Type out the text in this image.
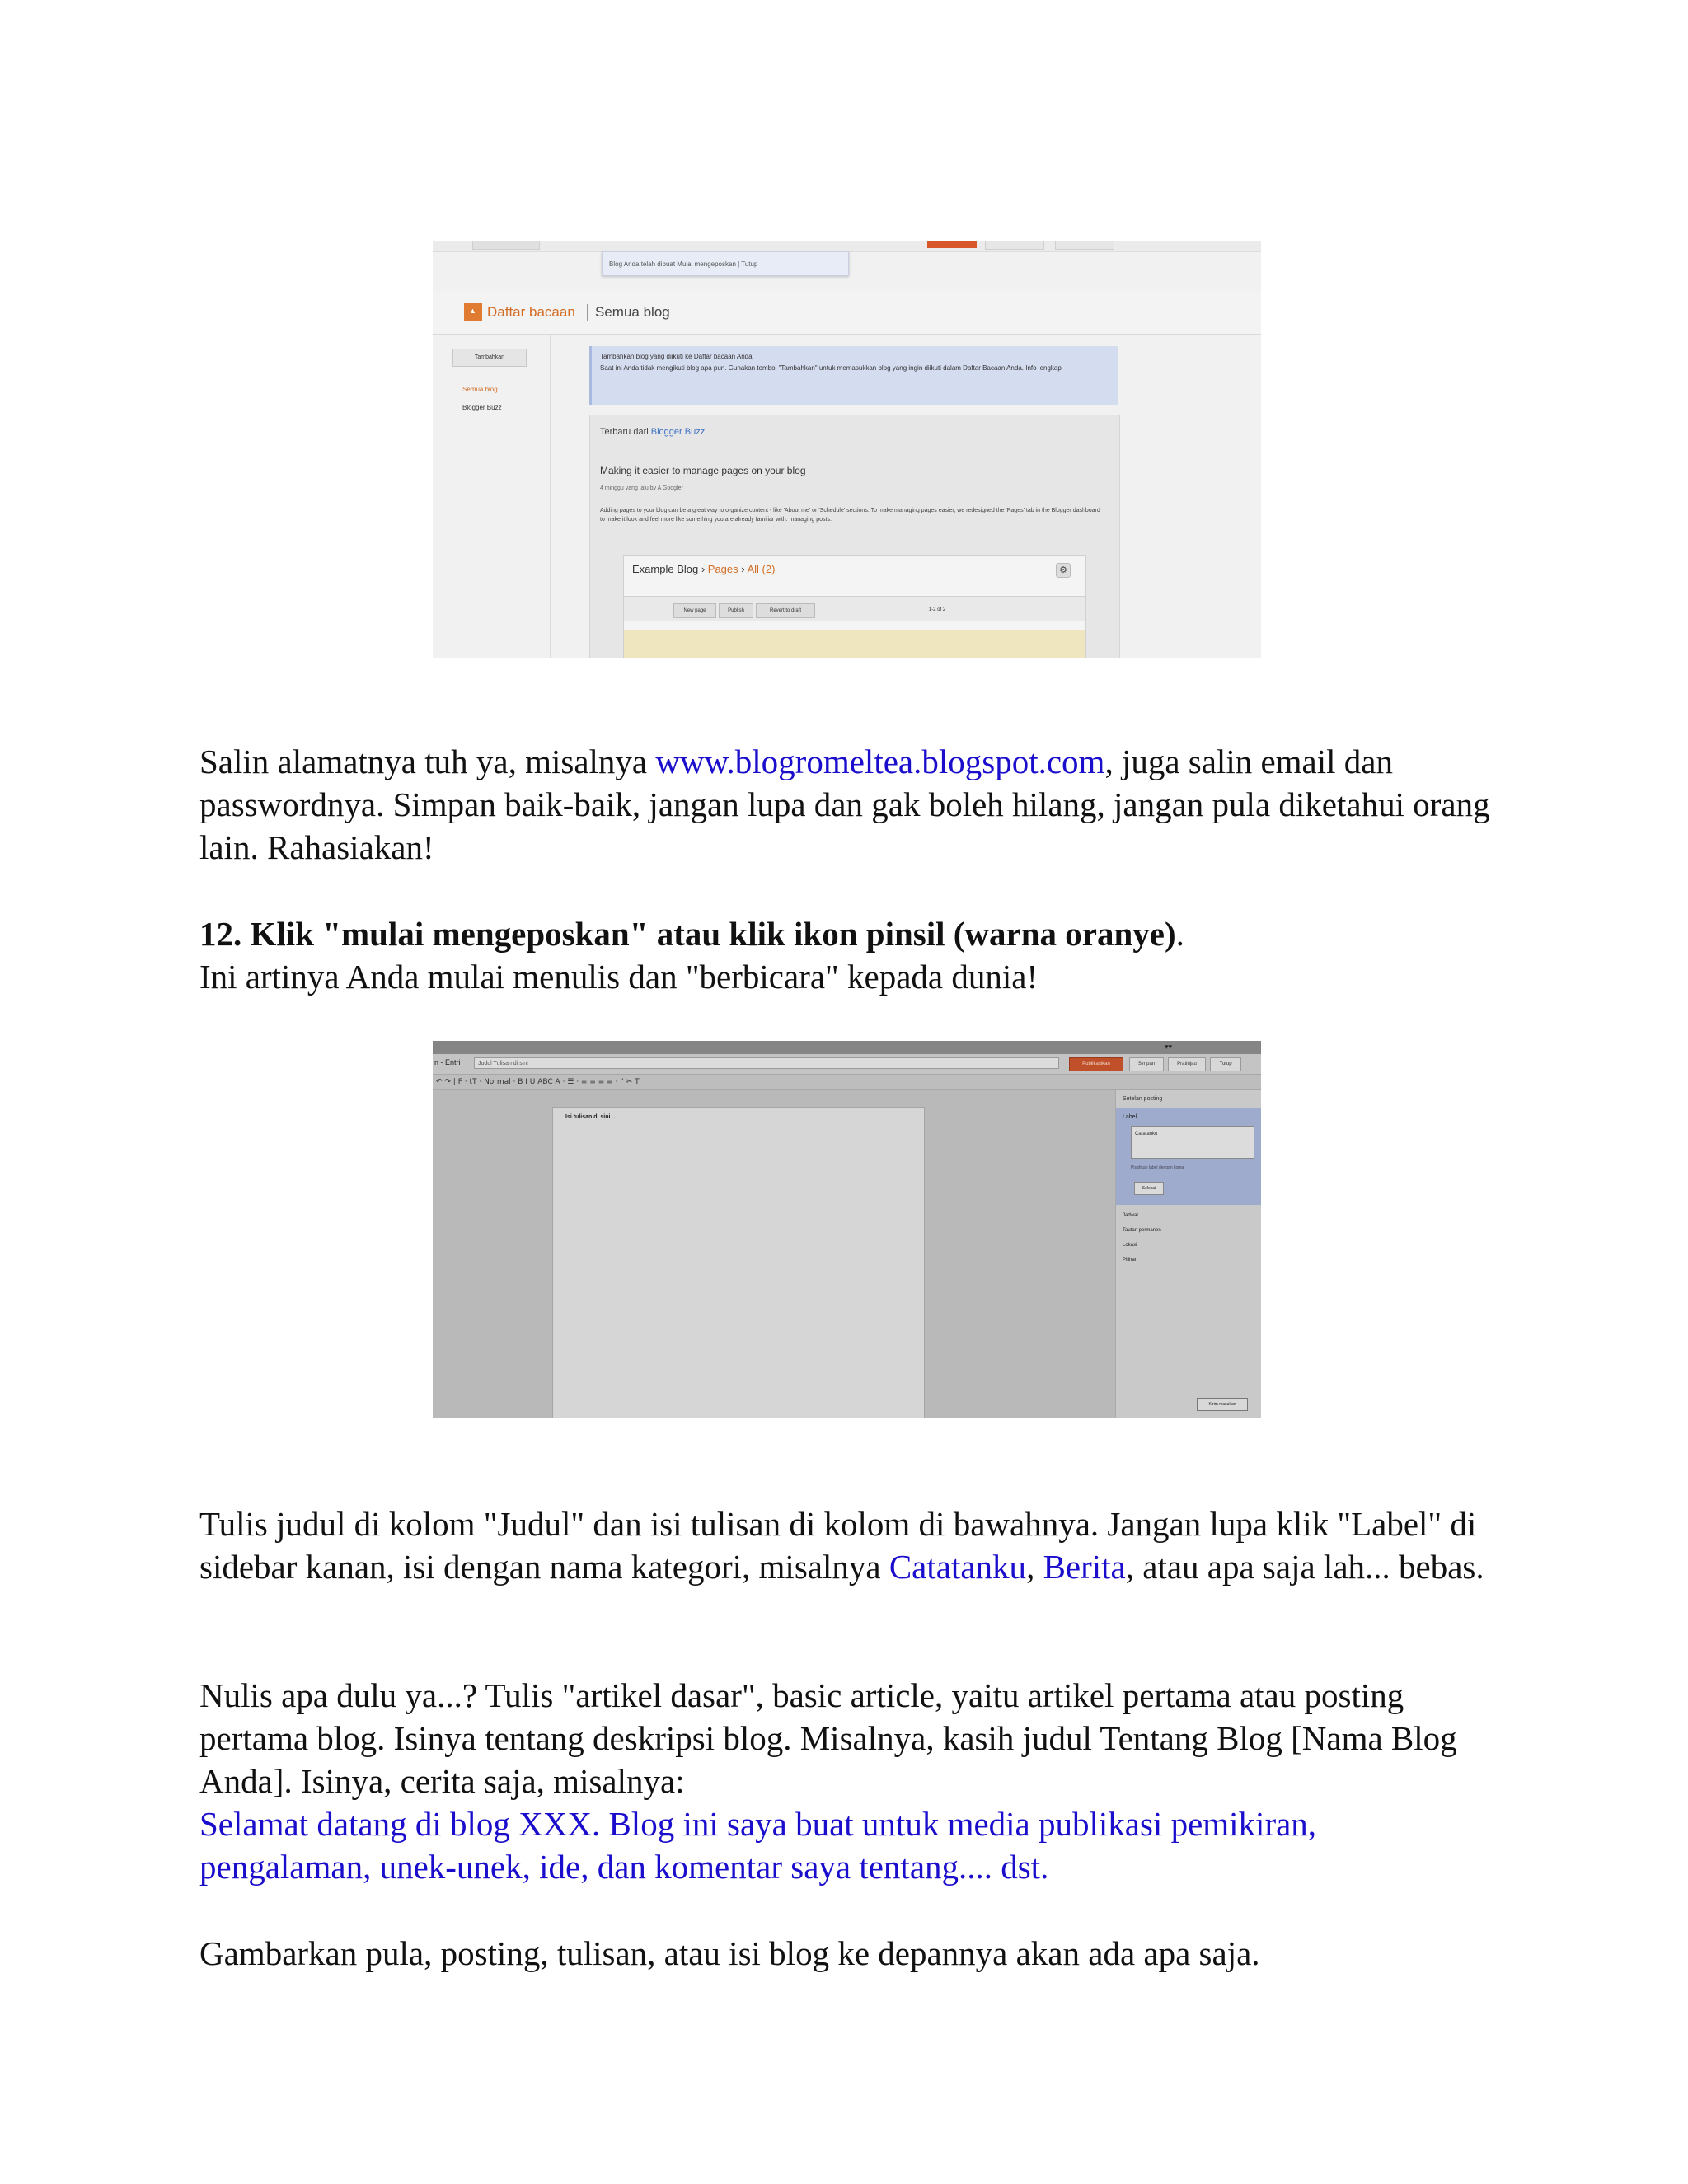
Blog Anda telah dibuat Mulai mengeposkan | Tutup
▲
Daftar bacaan Semua blog
Tambahkan
Semua blog
Blogger Buzz
Tambahkan blog yang diikuti ke Daftar bacaan Anda
Saat ini Anda tidak mengikuti blog apa pun. Gunakan tombol "Tambahkan" untuk memasukkan blog yang ingin diikuti dalam Daftar Bacaan Anda. Info lengkap
Terbaru dari Blogger Buzz
Making it easier to manage pages on your blog
4 minggu yang lalu by A Googler
Adding pages to your blog can be a great way to organize content - like 'About me' or 'Schedule' sections. To make managing pages easier, we redesigned the 'Pages' tab in the Blogger dashboard to make it look and feel more like something you are already familiar with: managing posts.
Example Blog › Pages › All (2)	⚙
New page	Publish	Revert to draft	1-2 of 2

Salin alamatnya tuh ya, misalnya www.blogromeltea.blogspot.com, juga salin email dan passwordnya. Simpan baik-baik, jangan lupa dan gak boleh hilang, jangan pula diketahui orang lain. Rahasiakan!

12. Klik "mulai mengeposkan" atau klik ikon pinsil (warna oranye).
Ini artinya Anda mulai menulis dan "berbicara" kepada dunia!

▾▾
n - Entri	Judul Tulisan di sini	Publikasikan	Simpan	Pratinjau	Tutup
↶ ↷ | F · tT · Normal · B I U ABC A · ☰ · ≡ ≡ ≡ ≡ · “ ✂ T
Isi tulisan di sini ...
Setelan posting
Label
Catatanku
Pisahkan label dengan koma
Selesai
Jadwal
Tautan permanen
Lokasi
Pilihan
Kirim masukan

Tulis judul di kolom "Judul" dan isi tulisan di kolom di bawahnya. Jangan lupa klik "Label" di sidebar kanan, isi dengan nama kategori, misalnya Catatanku, Berita, atau apa saja lah... bebas.

Nulis apa dulu ya...? Tulis "artikel dasar", basic article, yaitu artikel pertama atau posting pertama blog. Isinya tentang deskripsi blog. Misalnya, kasih judul Tentang Blog [Nama Blog Anda]. Isinya, cerita saja, misalnya:
Selamat datang di blog XXX. Blog ini saya buat untuk media publikasi pemikiran, pengalaman, unek-unek, ide, dan komentar saya tentang.... dst.

Gambarkan pula, posting, tulisan, atau isi blog ke depannya akan ada apa saja.
